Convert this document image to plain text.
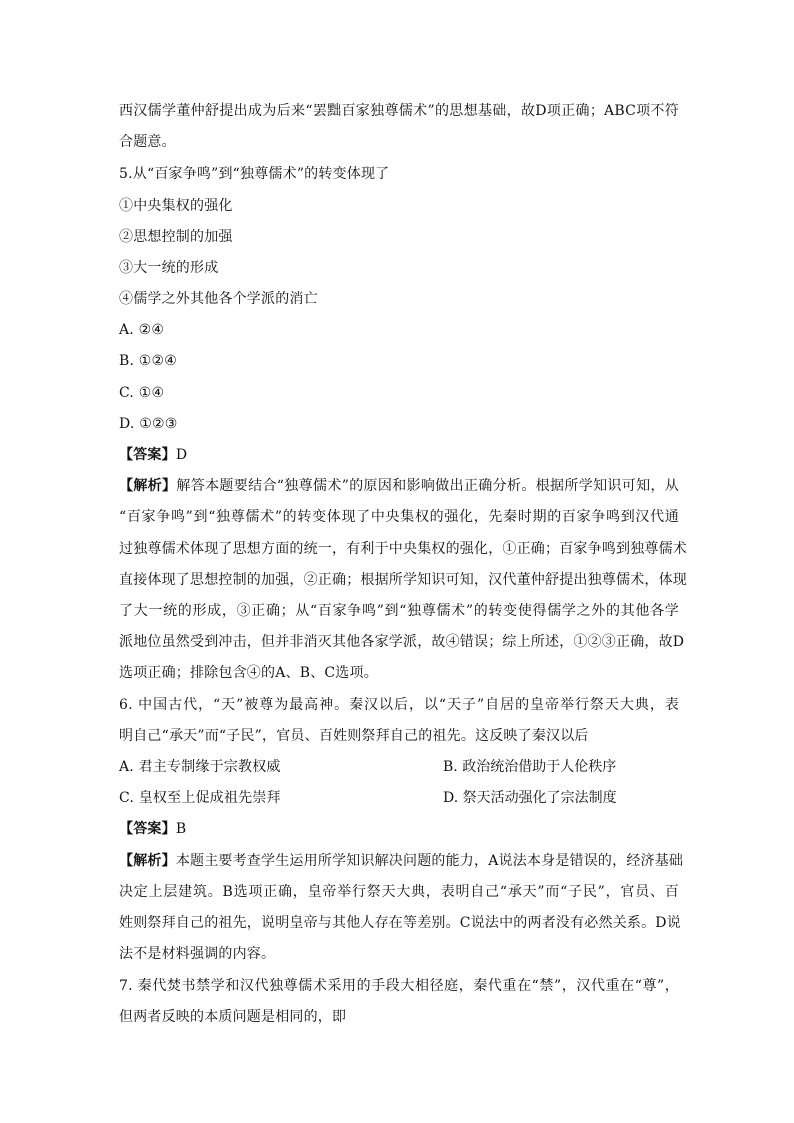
西汉儒学董仲舒提出成为后来“罢黜百家独尊儒术”的思想基础，故D项正确；ABC项不符
合题意。
5.从“百家争鸣”到“独尊儒术”的转变体现了
①中央集权的强化
②思想控制的加强
③大一统的形成
④儒学之外其他各个学派的消亡
A. ②④
B. ①②④
C. ①④
D. ①②③
【答案】D
【解析】解答本题要结合“独尊儒术”的原因和影响做出正确分析。根据所学知识可知，从
“百家争鸣”到“独尊儒术”的转变体现了中央集权的强化，先秦时期的百家争鸣到汉代通
过独尊儒术体现了思想方面的统一，有利于中央集权的强化，①正确；百家争鸣到独尊儒术
直接体现了思想控制的加强，②正确；根据所学知识可知，汉代董仲舒提出独尊儒术，体现
了大一统的形成，③正确；从“百家争鸣”到“独尊儒术”的转变使得儒学之外的其他各学
派地位虽然受到冲击，但并非消灭其他各家学派，故④错误；综上所述，①②③正确，故D
选项正确；排除包含④的A、B、C选项。
6. 中国古代，“天”被尊为最高神。秦汉以后，以“天子”自居的皇帝举行祭天大典，表
明自己“承天”而“子民”，官员、百姓则祭拜自己的祖先。这反映了秦汉以后
A. 君主专制缘于宗教权威	B. 政治统治借助于人伦秩序
C. 皇权至上促成祖先崇拜	D. 祭天活动强化了宗法制度
【答案】B
【解析】本题主要考查学生运用所学知识解决问题的能力，A说法本身是错误的，经济基础
决定上层建筑。B选项正确，皇帝举行祭天大典，表明自己“承天”而“子民”，官员、百
姓则祭拜自己的祖先，说明皇帝与其他人存在等差别。C说法中的两者没有必然关系。D说
法不是材料强调的内容。
7. 秦代焚书禁学和汉代独尊儒术采用的手段大相径庭，秦代重在“禁”，汉代重在“尊”，
但两者反映的本质问题是相同的，即
